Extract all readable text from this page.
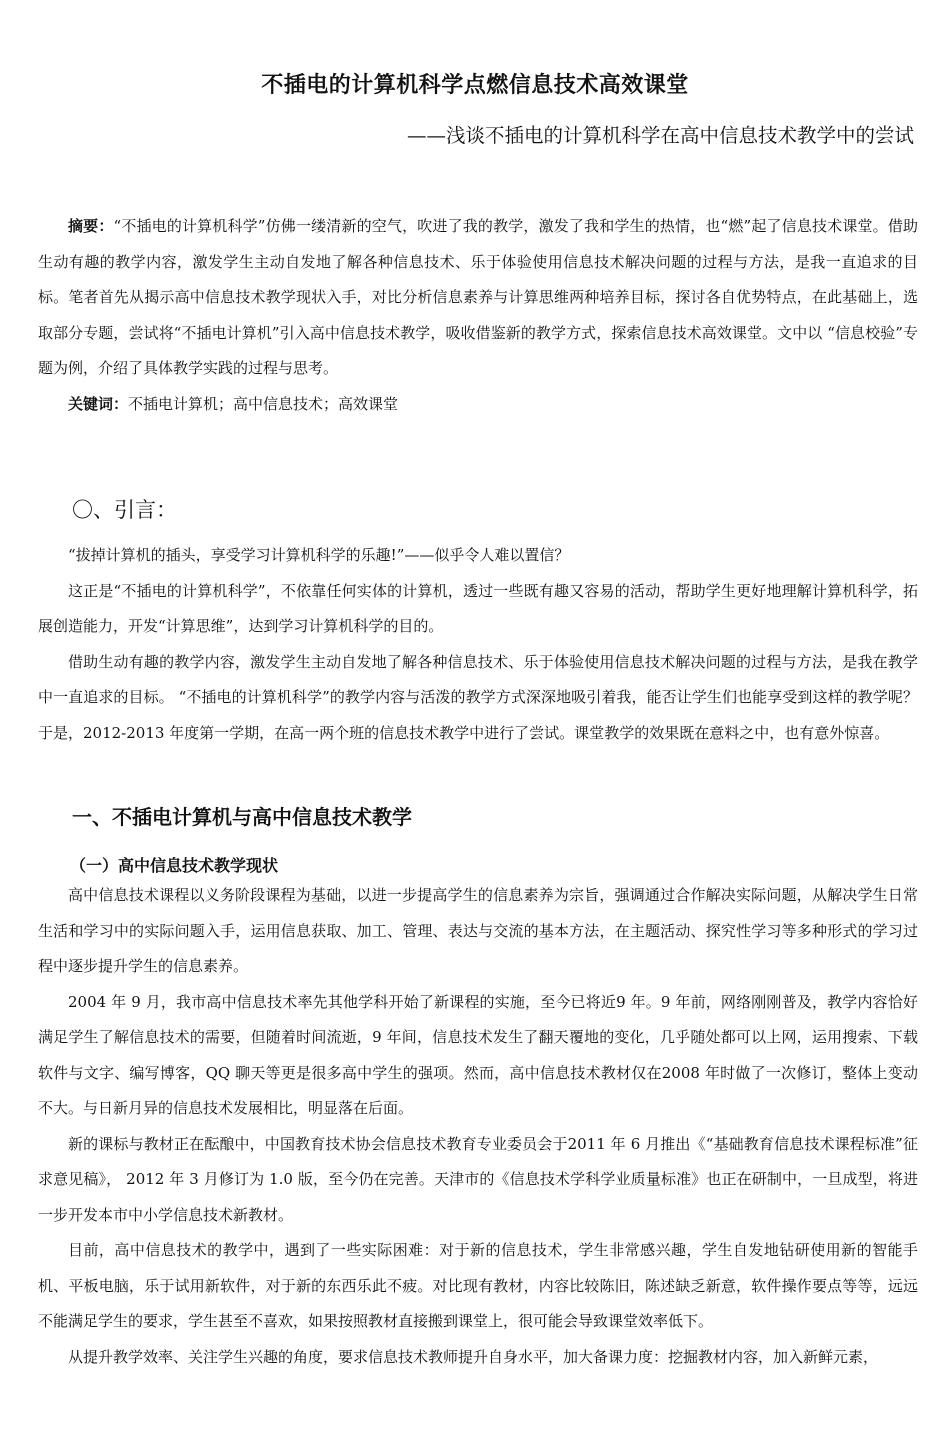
不插电的计算机科学点燃信息技术高效课堂
——浅谈不插电的计算机科学在高中信息技术教学中的尝试

摘要：“不插电的计算机科学”仿佛一缕清新的空气，吹进了我的教学，激发了我和学生的热情，也“燃”起了信息技术课堂。借助生动有趣的教学内容，激发学生主动自发地了解各种信息技术、乐于体验使用信息技术解决问题的过程与方法，是我一直追求的目标。笔者首先从揭示高中信息技术教学现状入手，对比分析信息素养与计算思维两种培养目标，探讨各自优势特点，在此基础上，选取部分专题，尝试将“不插电计算机”引入高中信息技术教学，吸收借鉴新的教学方式，探索信息技术高效课堂。文中以 “信息校验”专题为例，介绍了具体教学实践的过程与思考。

关键词：不插电计算机；高中信息技术；高效课堂

〇、引言：

“拔掉计算机的插头，享受学习计算机科学的乐趣!”——似乎令人难以置信？

这正是“不插电的计算机科学”，不依靠任何实体的计算机，透过一些既有趣又容易的活动，帮助学生更好地理解计算机科学，拓展创造能力，开发“计算思维”，达到学习计算机科学的目的。

借助生动有趣的教学内容，激发学生主动自发地了解各种信息技术、乐于体验使用信息技术解决问题的过程与方法，是我在教学中一直追求的目标。 “不插电的计算机科学”的教学内容与活泼的教学方式深深地吸引着我，能否让学生们也能享受到这样的教学呢？于是，2012-2013 年度第一学期，在高一两个班的信息技术教学中进行了尝试。课堂教学的效果既在意料之中，也有意外惊喜。

一、不插电计算机与高中信息技术教学
（一）高中信息技术教学现状

高中信息技术课程以义务阶段课程为基础，以进一步提高学生的信息素养为宗旨，强调通过合作解决实际问题，从解决学生日常生活和学习中的实际问题入手，运用信息获取、加工、管理、表达与交流的基本方法，在主题活动、探究性学习等多种形式的学习过程中逐步提升学生的信息素养。

2004 年 9 月，我市高中信息技术率先其他学科开始了新课程的实施，至今已将近9 年。9 年前，网络刚刚普及，教学内容恰好满足学生了解信息技术的需要，但随着时间流逝，9 年间，信息技术发生了翻天覆地的变化，几乎随处都可以上网，运用搜索、下载软件与文字、编写博客，QQ 聊天等更是很多高中学生的强项。然而，高中信息技术教材仅在2008 年时做了一次修订，整体上变动不大。与日新月异的信息技术发展相比，明显落在后面。

新的课标与教材正在酝酿中，中国教育技术协会信息技术教育专业委员会于2011 年 6 月推出《“基础教育信息技术课程标准”征求意见稿》， 2012 年 3 月修订为 1.0 版，至今仍在完善。天津市的《信息技术学科学业质量标准》也正在研制中，一旦成型，将进一步开发本市中小学信息技术新教材。

目前，高中信息技术的教学中，遇到了一些实际困难：对于新的信息技术，学生非常感兴趣，学生自发地钻研使用新的智能手机、平板电脑，乐于试用新软件，对于新的东西乐此不疲。对比现有教材，内容比较陈旧，陈述缺乏新意，软件操作要点等等，远远不能满足学生的要求，学生甚至不喜欢，如果按照教材直接搬到课堂上，很可能会导致课堂效率低下。

从提升教学效率、关注学生兴趣的角度，要求信息技术教师提升自身水平，加大备课力度：挖掘教材内容，加入新鲜元素，
